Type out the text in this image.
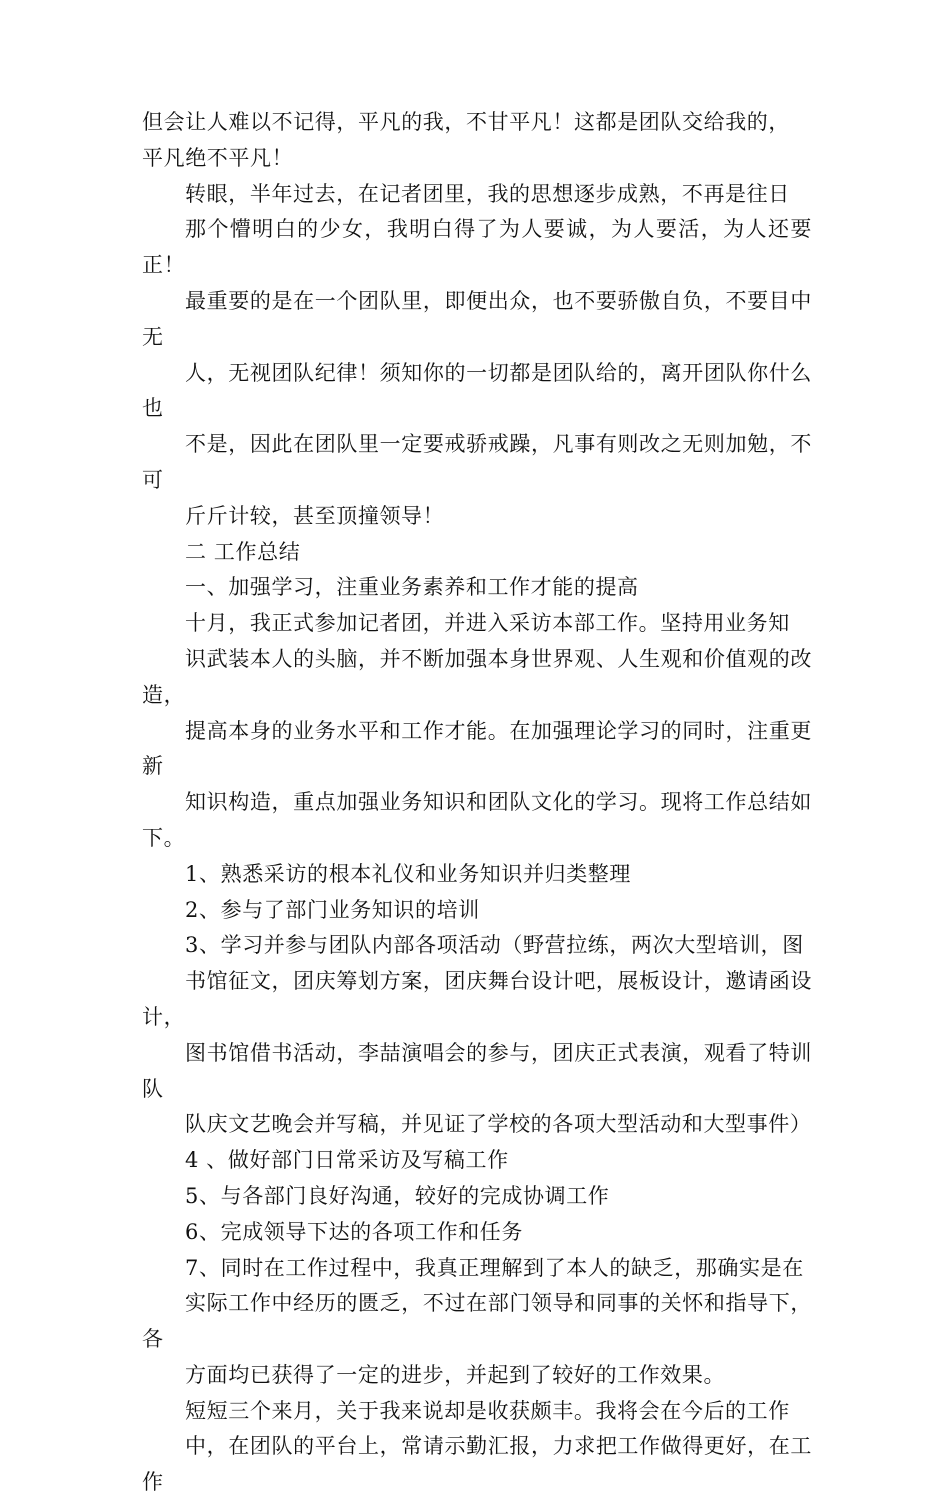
但会让人难以不记得，平凡的我，不甘平凡！这都是团队交给我的，
平凡绝不平凡！

转眼，半年过去，在记者团里，我的思想逐步成熟，不再是往日
那个懵明白的少女，我明白得了为人要诚，为人要活，为人还要正！
最重要的是在一个团队里，即便出众，也不要骄傲自负，不要目中无
人，无视团队纪律！须知你的一切都是团队给的，离开团队你什么也
不是，因此在团队里一定要戒骄戒躁，凡事有则改之无则加勉，不可
斤斤计较，甚至顶撞领导！

二 工作总结

一、加强学习，注重业务素养和工作才能的提高

十月，我正式参加记者团，并进入采访本部工作。坚持用业务知
识武装本人的头脑，并不断加强本身世界观、人生观和价值观的改造，
提高本身的业务水平和工作才能。在加强理论学习的同时，注重更新
知识构造，重点加强业务知识和团队文化的学习。现将工作总结如下。

1、熟悉采访的根本礼仪和业务知识并归类整理

2、参与了部门业务知识的培训

3、学习并参与团队内部各项活动（野营拉练，两次大型培训，图
书馆征文，团庆筹划方案，团庆舞台设计吧，展板设计，邀请函设计，
图书馆借书活动，李喆演唱会的参与，团庆正式表演，观看了特训队
队庆文艺晚会并写稿，并见证了学校的各项大型活动和大型事件）

4 、做好部门日常采访及写稿工作

5、与各部门良好沟通，较好的完成协调工作

6、完成领导下达的各项工作和任务

7、同时在工作过程中，我真正理解到了本人的缺乏，那确实是在
实际工作中经历的匮乏，不过在部门领导和同事的关怀和指导下，各
方面均已获得了一定的进步，并起到了较好的工作效果。

短短三个来月，关于我来说却是收获颇丰。我将会在今后的工作
中，在团队的平台上，常请示勤汇报，力求把工作做得更好，在工作
